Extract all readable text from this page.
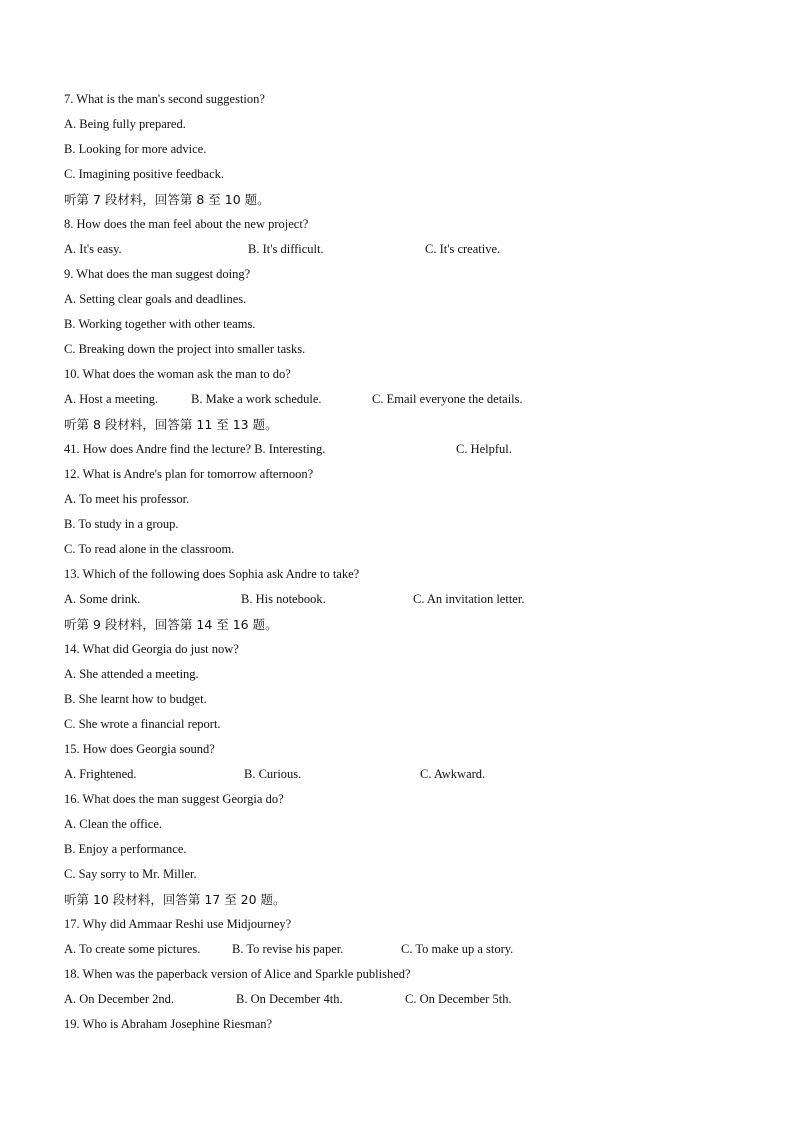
7. What is the man's second suggestion?
A. Being fully prepared.
B. Looking for more advice.
C. Imagining positive feedback.
听第 7 段材料，回答第 8 至 10 题。
8. How does the man feel about the new project?
A. It's easy.	B. It's difficult.	C. It's creative.
9. What does the man suggest doing?
A. Setting clear goals and deadlines.
B. Working together with other teams.
C. Breaking down the project into smaller tasks.
10. What does the woman ask the man to do?
A. Host a meeting.	B. Make a work schedule.	C. Email everyone the details.
听第 8 段材料，回答第 11 至 13 题。
41. How does Andre find the lecture? B. Interesting.	C. Helpful.
12. What is Andre's plan for tomorrow afternoon?
A. To meet his professor.
B. To study in a group.
C. To read alone in the classroom.
13. Which of the following does Sophia ask Andre to take?
A. Some drink.	B. His notebook.	C. An invitation letter.
听第 9 段材料，回答第 14 至 16 题。
14. What did Georgia do just now?
A. She attended a meeting.
B. She learnt how to budget.
C. She wrote a financial report.
15. How does Georgia sound?
A. Frightened.	B. Curious.	C. Awkward.
16. What does the man suggest Georgia do?
A. Clean the office.
B. Enjoy a performance.
C. Say sorry to Mr. Miller.
听第 10 段材料，回答第 17 至 20 题。
17. Why did Ammaar Reshi use Midjourney?
A. To create some pictures.	B. To revise his paper.	C. To make up a story.
18. When was the paperback version of Alice and Sparkle published?
A. On December 2nd.	B. On December 4th.	C. On December 5th.
19. Who is Abraham Josephine Riesman?
